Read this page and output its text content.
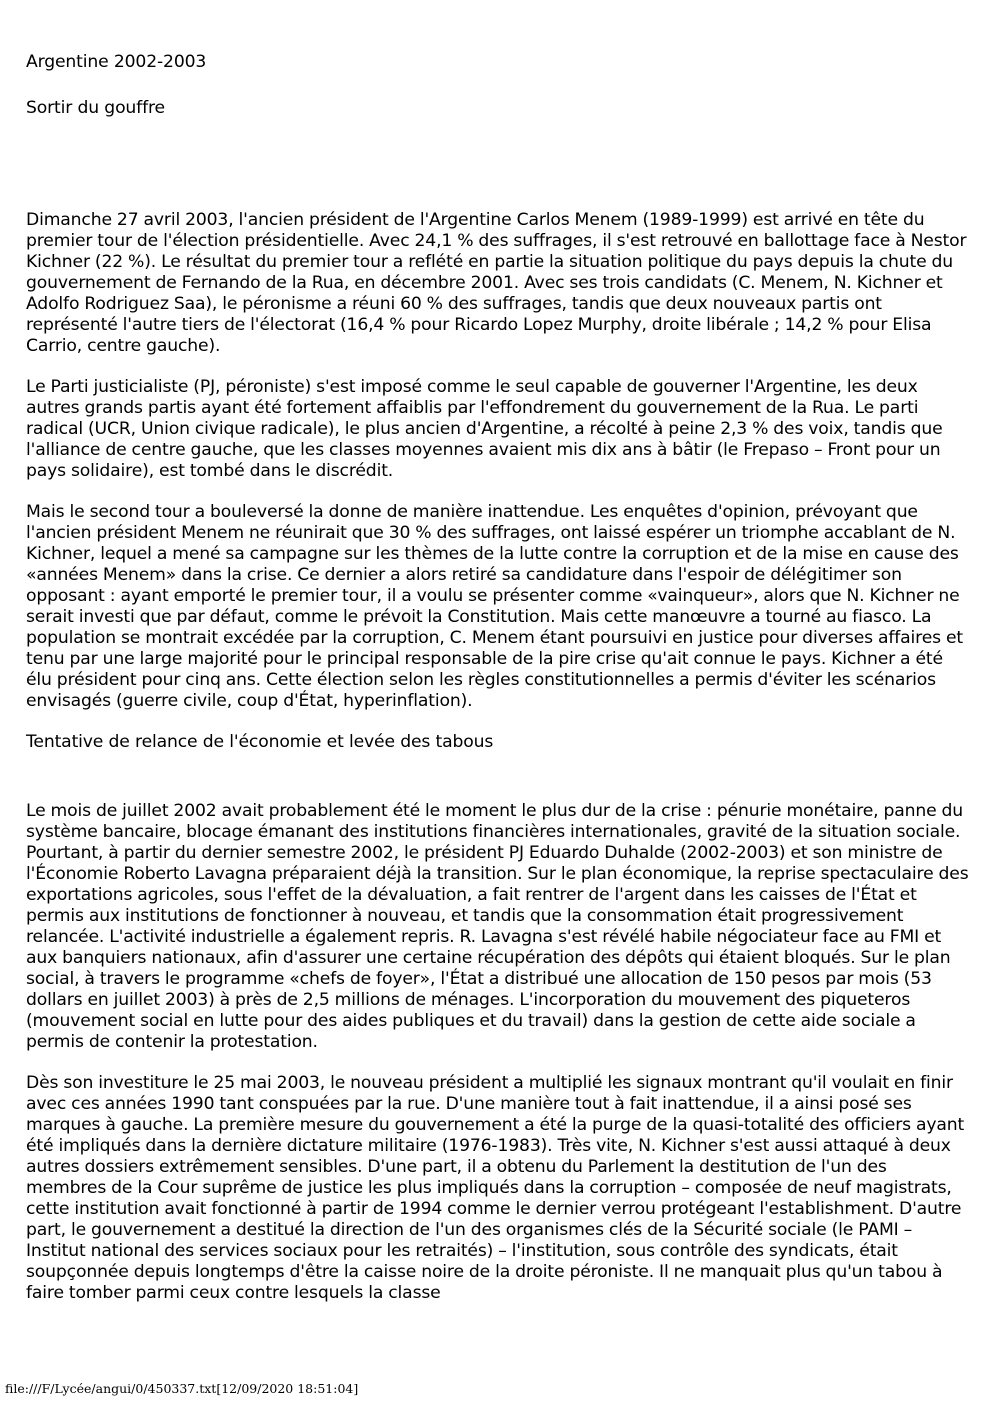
Argentine 2002-2003

Sortir du gouffre

Dimanche 27 avril 2003, l'ancien président de l'Argentine Carlos Menem (1989-1999) est arrivé en tête du premier tour de l'élection présidentielle. Avec 24,1 % des suffrages, il s'est retrouvé en ballottage face à Nestor Kichner (22 %). Le résultat du premier tour a reflété en partie la situation politique du pays depuis la chute du gouvernement de Fernando de la Rua, en décembre 2001. Avec ses trois candidats (C. Menem, N. Kichner et Adolfo Rodriguez Saa), le péronisme a réuni 60 % des suffrages, tandis que deux nouveaux partis ont représenté l'autre tiers de l'électorat (16,4 % pour Ricardo Lopez Murphy, droite libérale ; 14,2 % pour Elisa Carrio, centre gauche).

Le Parti justicialiste (PJ, péroniste) s'est imposé comme le seul capable de gouverner l'Argentine, les deux autres grands partis ayant été fortement affaiblis par l'effondrement du gouvernement de la Rua. Le parti radical (UCR, Union civique radicale), le plus ancien d'Argentine, a récolté à peine 2,3 % des voix, tandis que l'alliance de centre gauche, que les classes moyennes avaient mis dix ans à bâtir (le Frepaso – Front pour un pays solidaire), est tombé dans le discrédit.

Mais le second tour a bouleversé la donne de manière inattendue. Les enquêtes d'opinion, prévoyant que l'ancien président Menem ne réunirait que 30 % des suffrages, ont laissé espérer un triomphe accablant de N. Kichner, lequel a mené sa campagne sur les thèmes de la lutte contre la corruption et de la mise en cause des «années Menem» dans la crise. Ce dernier a alors retiré sa candidature dans l'espoir de délégitimer son opposant : ayant emporté le premier tour, il a voulu se présenter comme «vainqueur», alors que N. Kichner ne serait investi que par défaut, comme le prévoit la Constitution. Mais cette manœuvre a tourné au fiasco. La population se montrait excédée par la corruption, C. Menem étant poursuivi en justice pour diverses affaires et tenu par une large majorité pour le principal responsable de la pire crise qu'ait connue le pays. Kichner a été élu président pour cinq ans. Cette élection selon les règles constitutionnelles a permis d'éviter les scénarios envisagés (guerre civile, coup d'État, hyperinflation).

Tentative de relance de l'économie et levée des tabous

Le mois de juillet 2002 avait probablement été le moment le plus dur de la crise : pénurie monétaire, panne du système bancaire, blocage émanant des institutions financières internationales, gravité de la situation sociale. Pourtant, à partir du dernier semestre 2002, le président PJ Eduardo Duhalde (2002-2003) et son ministre de l'Économie Roberto Lavagna préparaient déjà la transition. Sur le plan économique, la reprise spectaculaire des exportations agricoles, sous l'effet de la dévaluation, a fait rentrer de l'argent dans les caisses de l'État et permis aux institutions de fonctionner à nouveau, et tandis que la consommation était progressivement relancée. L'activité industrielle a également repris. R. Lavagna s'est révélé habile négociateur face au FMI et aux banquiers nationaux, afin d'assurer une certaine récupération des dépôts qui étaient bloqués. Sur le plan social, à travers le programme «chefs de foyer», l'État a distribué une allocation de 150 pesos par mois (53 dollars en juillet 2003) à près de 2,5 millions de ménages. L'incorporation du mouvement des piqueteros (mouvement social en lutte pour des aides publiques et du travail) dans la gestion de cette aide sociale a permis de contenir la protestation.

Dès son investiture le 25 mai 2003, le nouveau président a multiplié les signaux montrant qu'il voulait en finir avec ces années 1990 tant conspuées par la rue. D'une manière tout à fait inattendue, il a ainsi posé ses marques à gauche. La première mesure du gouvernement a été la purge de la quasi-totalité des officiers ayant été impliqués dans la dernière dictature militaire (1976-1983). Très vite, N. Kichner s'est aussi attaqué à deux autres dossiers extrêmement sensibles. D'une part, il a obtenu du Parlement la destitution de l'un des membres de la Cour suprême de justice les plus impliqués dans la corruption – composée de neuf magistrats, cette institution avait fonctionné à partir de 1994 comme le dernier verrou protégeant l'establishment. D'autre part, le gouvernement a destitué la direction de l'un des organismes clés de la Sécurité sociale (le PAMI – Institut national des services sociaux pour les retraités) – l'institution, sous contrôle des syndicats, était soupçonnée depuis longtemps d'être la caisse noire de la droite péroniste. Il ne manquait plus qu'un tabou à faire tomber parmi ceux contre lesquels la classe

file:///F/Lycée/angui/0/450337.txt[12/09/2020 18:51:04]
